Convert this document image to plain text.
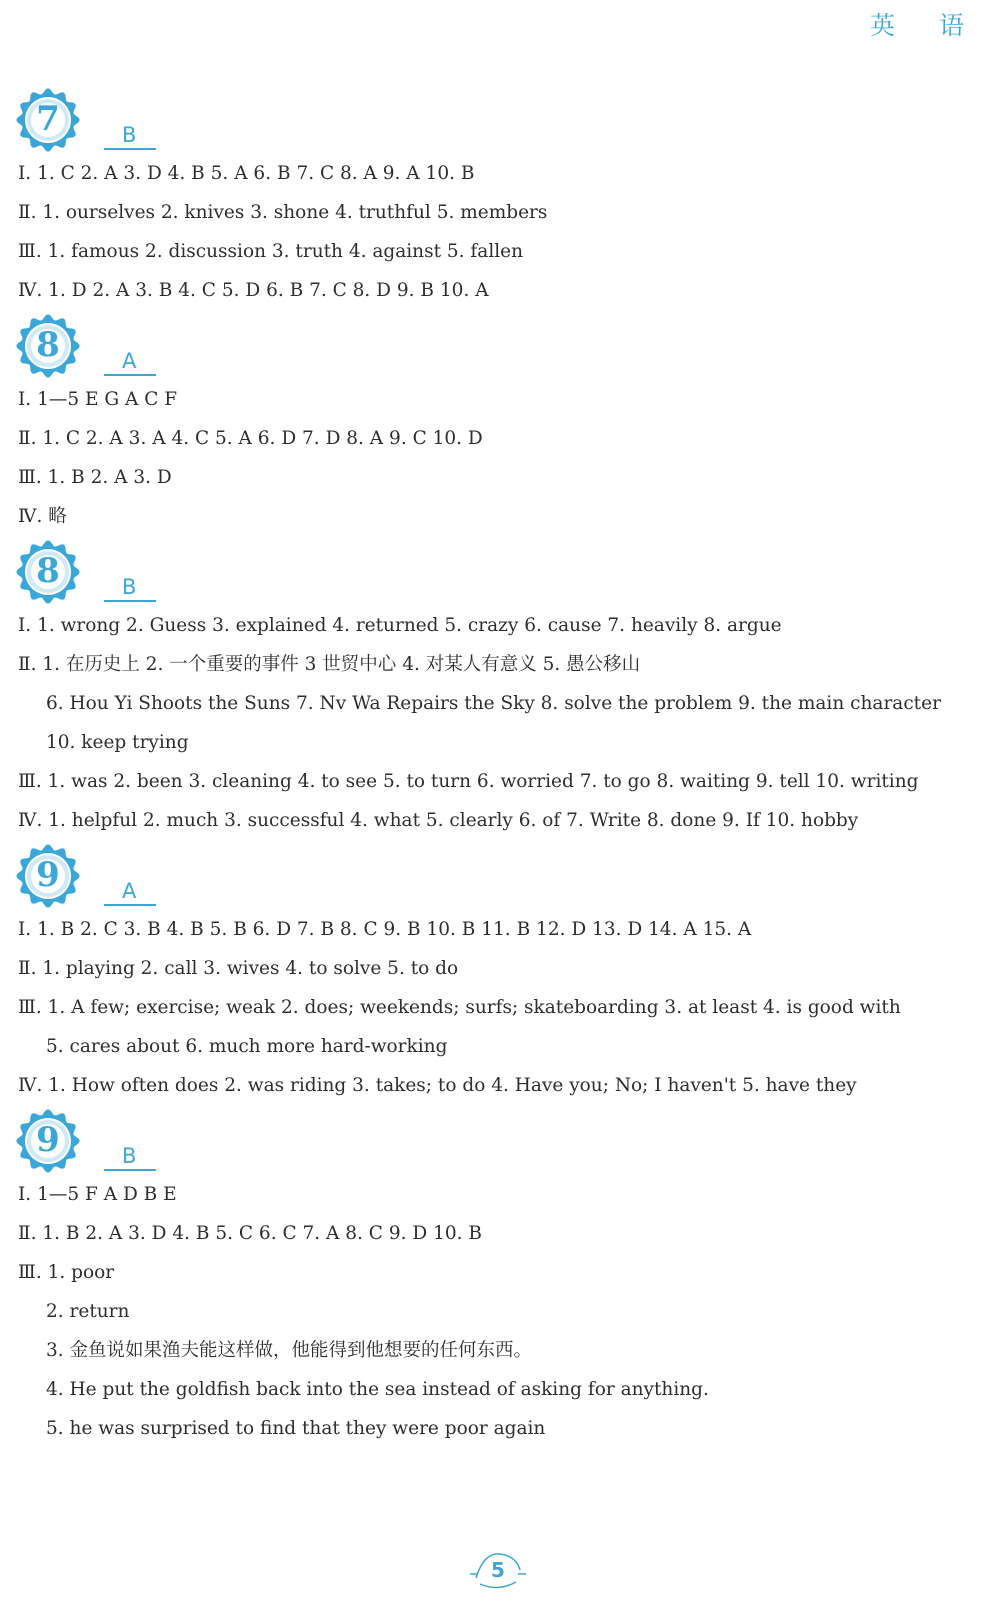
英 语
7	B
Ⅰ. 1. C 2. A 3. D 4. B 5. A 6. B 7. C 8. A 9. A 10. B
Ⅱ. 1. ourselves 2. knives 3. shone 4. truthful 5. members
Ⅲ. 1. famous 2. discussion 3. truth 4. against 5. fallen
Ⅳ. 1. D 2. A 3. B 4. C 5. D 6. B 7. C 8. D 9. B 10. A
8	A
Ⅰ. 1—5 E G A C F
Ⅱ. 1. C 2. A 3. A 4. C 5. A 6. D 7. D 8. A 9. C 10. D
Ⅲ. 1. B 2. A 3. D
Ⅳ. 略
8	B
Ⅰ. 1. wrong 2. Guess 3. explained 4. returned 5. crazy 6. cause 7. heavily 8. argue
Ⅱ. 1. 在历史上 2. 一个重要的事件 3 世贸中心 4. 对某人有意义 5. 愚公移山
6. Hou Yi Shoots the Suns 7. Nv Wa Repairs the Sky 8. solve the problem 9. the main character
10. keep trying
Ⅲ. 1. was 2. been 3. cleaning 4. to see 5. to turn 6. worried 7. to go 8. waiting 9. tell 10. writing
Ⅳ. 1. helpful 2. much 3. successful 4. what 5. clearly 6. of 7. Write 8. done 9. If 10. hobby
9	A
Ⅰ. 1. B 2. C 3. B 4. B 5. B 6. D 7. B 8. C 9. B 10. B 11. B 12. D 13. D 14. A 15. A
Ⅱ. 1. playing 2. call 3. wives 4. to solve 5. to do
Ⅲ. 1. A few; exercise; weak 2. does; weekends; surfs; skateboarding 3. at least 4. is good with
5. cares about 6. much more hard-working
Ⅳ. 1. How often does 2. was riding 3. takes; to do 4. Have you; No; I haven't 5. have they
9	B
Ⅰ. 1—5 F A D B E
Ⅱ. 1. B 2. A 3. D 4. B 5. C 6. C 7. A 8. C 9. D 10. B
Ⅲ. 1. poor
2. return
3. 金鱼说如果渔夫能这样做，他能得到他想要的任何东西。
4. He put the goldfish back into the sea instead of asking for anything.
5. he was surprised to find that they were poor again
5
